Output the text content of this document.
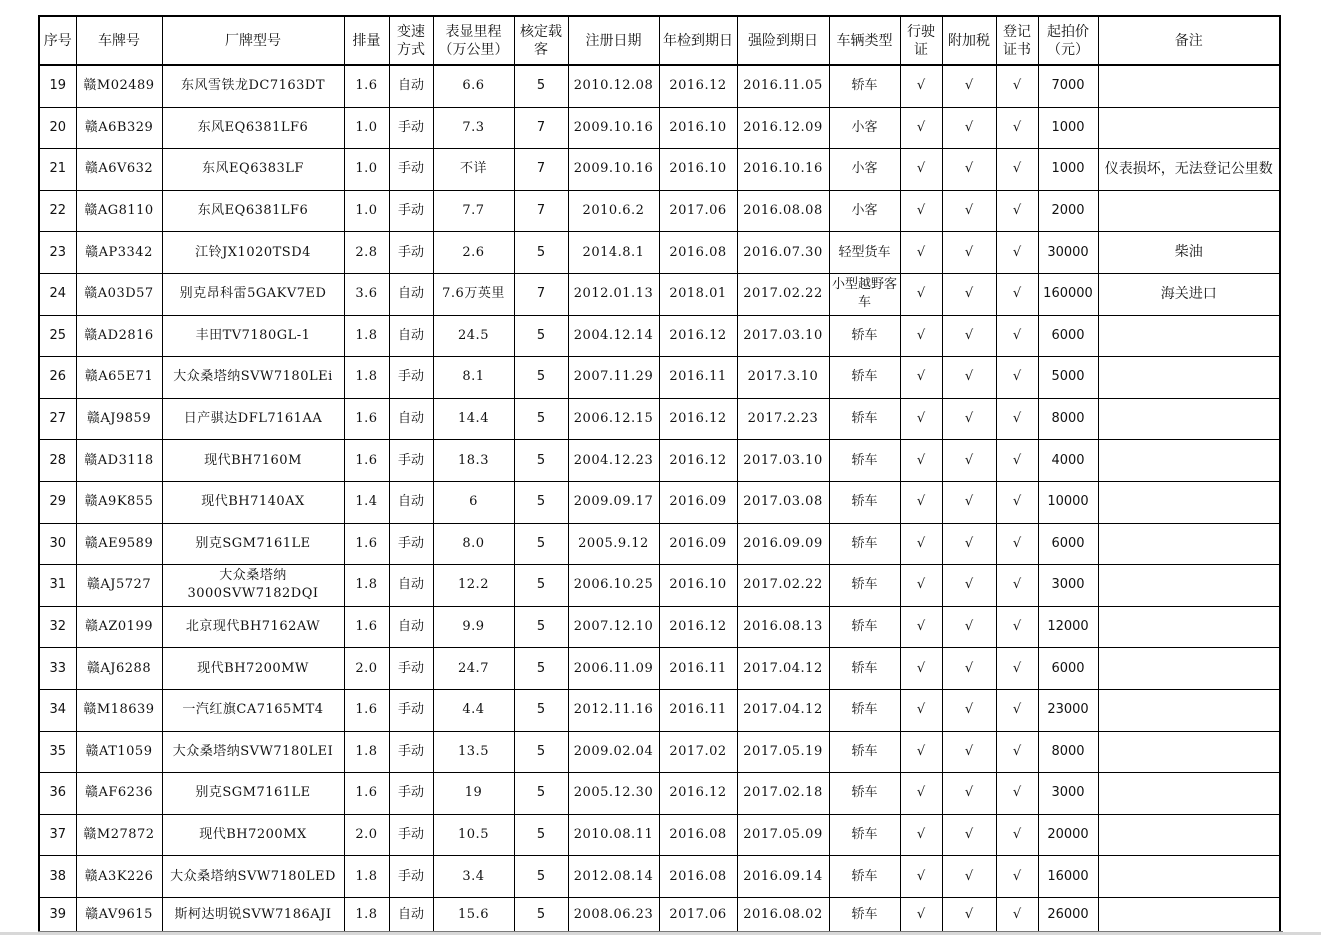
序号	车牌号	厂牌型号	排量	变速方式	表显里程（万公里）	核定载客	注册日期	年检到期日	强险到期日	车辆类型	行驶证	附加税	登记证书	起拍价（元）	备注
19	赣M02489	东风雪铁龙DC7163DT	1.6	自动	6.6	5	2010.12.08	2016.12	2016.11.05	轿车	√	√	√	7000	
20	赣A6B329	东风EQ6381LF6	1.0	手动	7.3	7	2009.10.16	2016.10	2016.12.09	小客	√	√	√	1000	
21	赣A6V632	东风EQ6383LF	1.0	手动	不详	7	2009.10.16	2016.10	2016.10.16	小客	√	√	√	1000	仪表损坏，无法登记公里数
22	赣AG8110	东风EQ6381LF6	1.0	手动	7.7	7	2010.6.2	2017.06	2016.08.08	小客	√	√	√	2000	
23	赣AP3342	江铃JX1020TSD4	2.8	手动	2.6	5	2014.8.1	2016.08	2016.07.30	轻型货车	√	√	√	30000	柴油
24	赣A03D57	别克昂科雷5GAKV7ED	3.6	自动	7.6万英里	7	2012.01.13	2018.01	2017.02.22	小型越野客车	√	√	√	160000	海关进口
25	赣AD2816	丰田TV7180GL-1	1.8	自动	24.5	5	2004.12.14	2016.12	2017.03.10	轿车	√	√	√	6000	
26	赣A65E71	大众桑塔纳SVW7180LEi	1.8	手动	8.1	5	2007.11.29	2016.11	2017.3.10	轿车	√	√	√	5000	
27	赣AJ9859	日产骐达DFL7161AA	1.6	自动	14.4	5	2006.12.15	2016.12	2017.2.23	轿车	√	√	√	8000	
28	赣AD3118	现代BH7160M	1.6	手动	18.3	5	2004.12.23	2016.12	2017.03.10	轿车	√	√	√	4000	
29	赣A9K855	现代BH7140AX	1.4	自动	6	5	2009.09.17	2016.09	2017.03.08	轿车	√	√	√	10000	
30	赣AE9589	别克SGM7161LE	1.6	手动	8.0	5	2005.9.12	2016.09	2016.09.09	轿车	√	√	√	6000	
31	赣AJ5727	大众桑塔纳3000SVW7182DQI	1.8	自动	12.2	5	2006.10.25	2016.10	2017.02.22	轿车	√	√	√	3000	
32	赣AZ0199	北京现代BH7162AW	1.6	自动	9.9	5	2007.12.10	2016.12	2016.08.13	轿车	√	√	√	12000	
33	赣AJ6288	现代BH7200MW	2.0	手动	24.7	5	2006.11.09	2016.11	2017.04.12	轿车	√	√	√	6000	
34	赣M18639	一汽红旗CA7165MT4	1.6	手动	4.4	5	2012.11.16	2016.11	2017.04.12	轿车	√	√	√	23000	
35	赣AT1059	大众桑塔纳SVW7180LEI	1.8	手动	13.5	5	2009.02.04	2017.02	2017.05.19	轿车	√	√	√	8000	
36	赣AF6236	别克SGM7161LE	1.6	手动	19	5	2005.12.30	2016.12	2017.02.18	轿车	√	√	√	3000	
37	赣M27872	现代BH7200MX	2.0	手动	10.5	5	2010.08.11	2016.08	2017.05.09	轿车	√	√	√	20000	
38	赣A3K226	大众桑塔纳SVW7180LED	1.8	手动	3.4	5	2012.08.14	2016.08	2016.09.14	轿车	√	√	√	16000	
39	赣AV9615	斯柯达明锐SVW7186AJI	1.8	自动	15.6	5	2008.06.23	2017.06	2016.08.02	轿车	√	√	√	26000	
